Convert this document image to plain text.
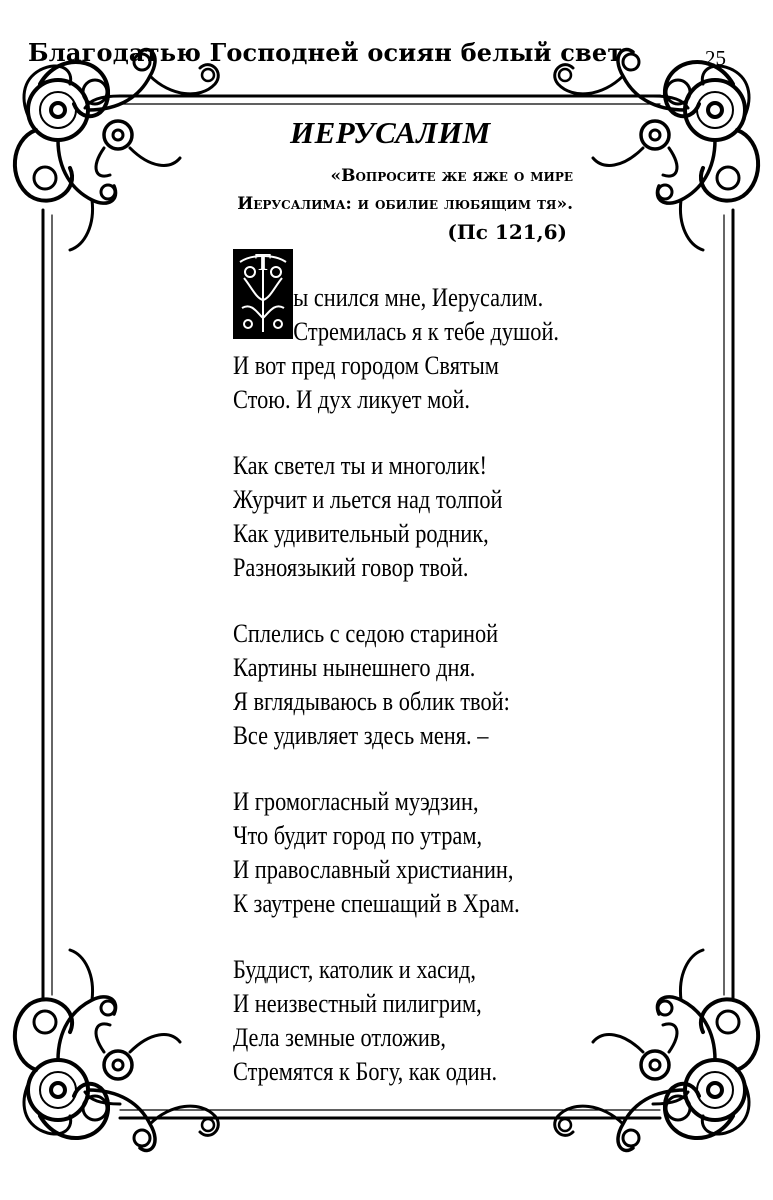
Благодатью Господней осиян белый свет	25
ИЕРУСАЛИМ
«Вопросите же яже о мире
Иерусалима: и обилие любящим тя».
(Пс 121,6)
Т
ы снился мне, Иерусалим.
Стремилась я к тебе душой.
И вот пред городом Святым
Стою. И дух ликует мой.
Как светел ты и многолик!
Журчит и льется над толпой
Как удивительный родник,
Разноязыкий говор твой.
Сплелись с седою стариной
Картины нынешнего дня.
Я вглядываюсь в облик твой:
Все удивляет здесь меня. –
И громогласный муэдзин,
Что будит город по утрам,
И православный христианин,
К заутрене спешащий в Храм.
Буддист, католик и хасид,
И неизвестный пилигрим,
Дела земные отложив,
Стремятся к Богу, как один.
